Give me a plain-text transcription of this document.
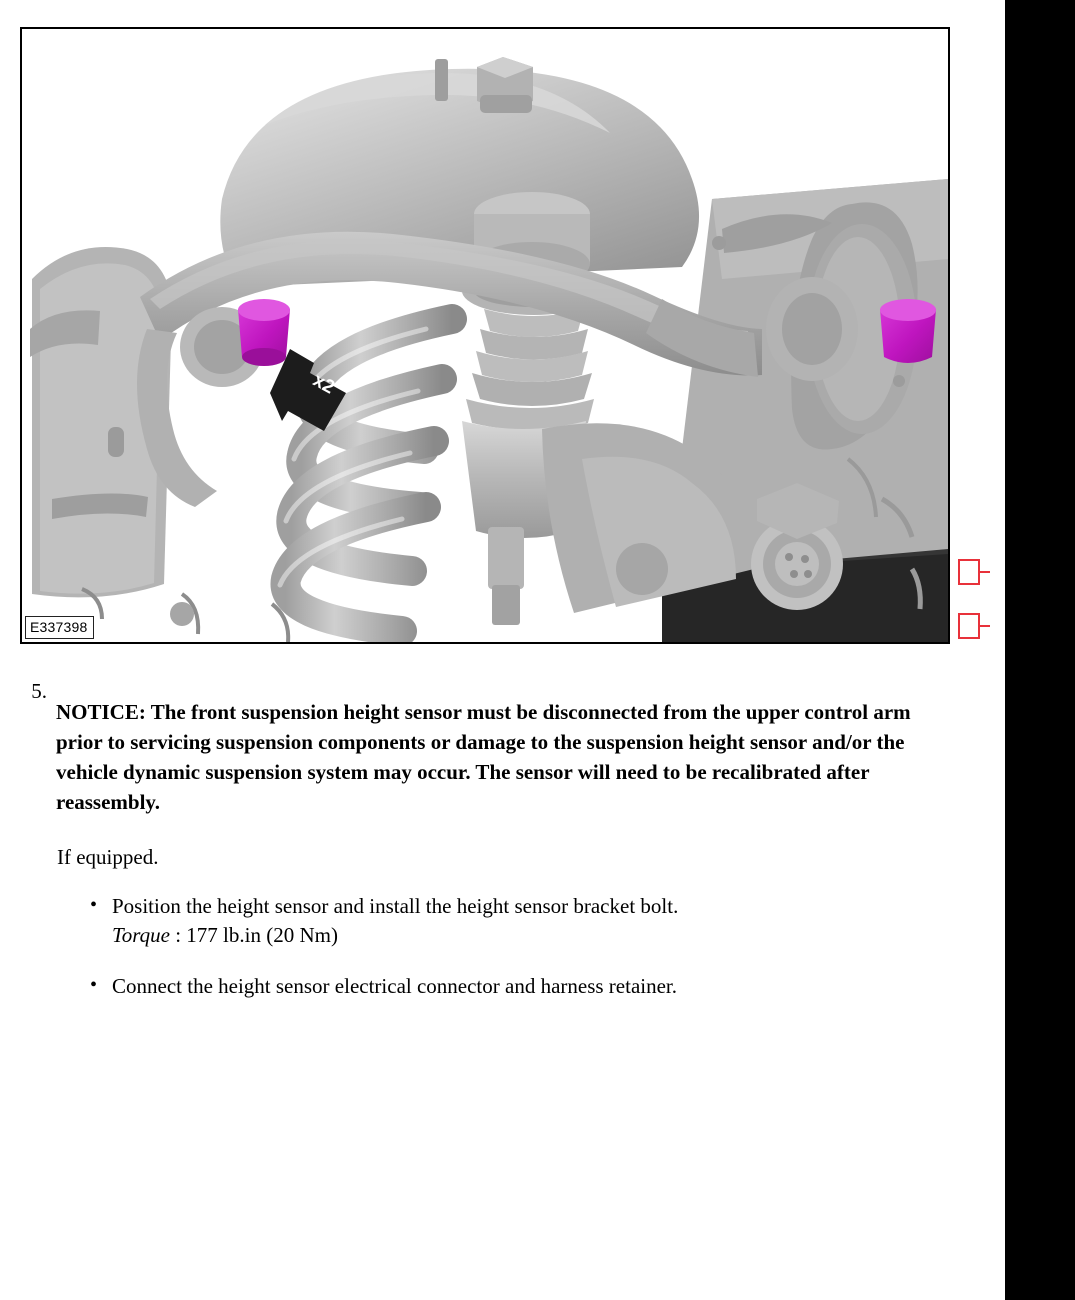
x2
E337398
5.

NOTICE: The front suspension height sensor must be disconnected from the upper control arm prior to servicing suspension components or damage to the suspension height sensor and/or the vehicle dynamic suspension system may occur. The sensor will need to be recalibrated after reassembly.

If equipped.

• Position the height sensor and install the height sensor bracket bolt.
Torque : 177 lb.in (20 Nm)
• Connect the height sensor electrical connector and harness retainer.
